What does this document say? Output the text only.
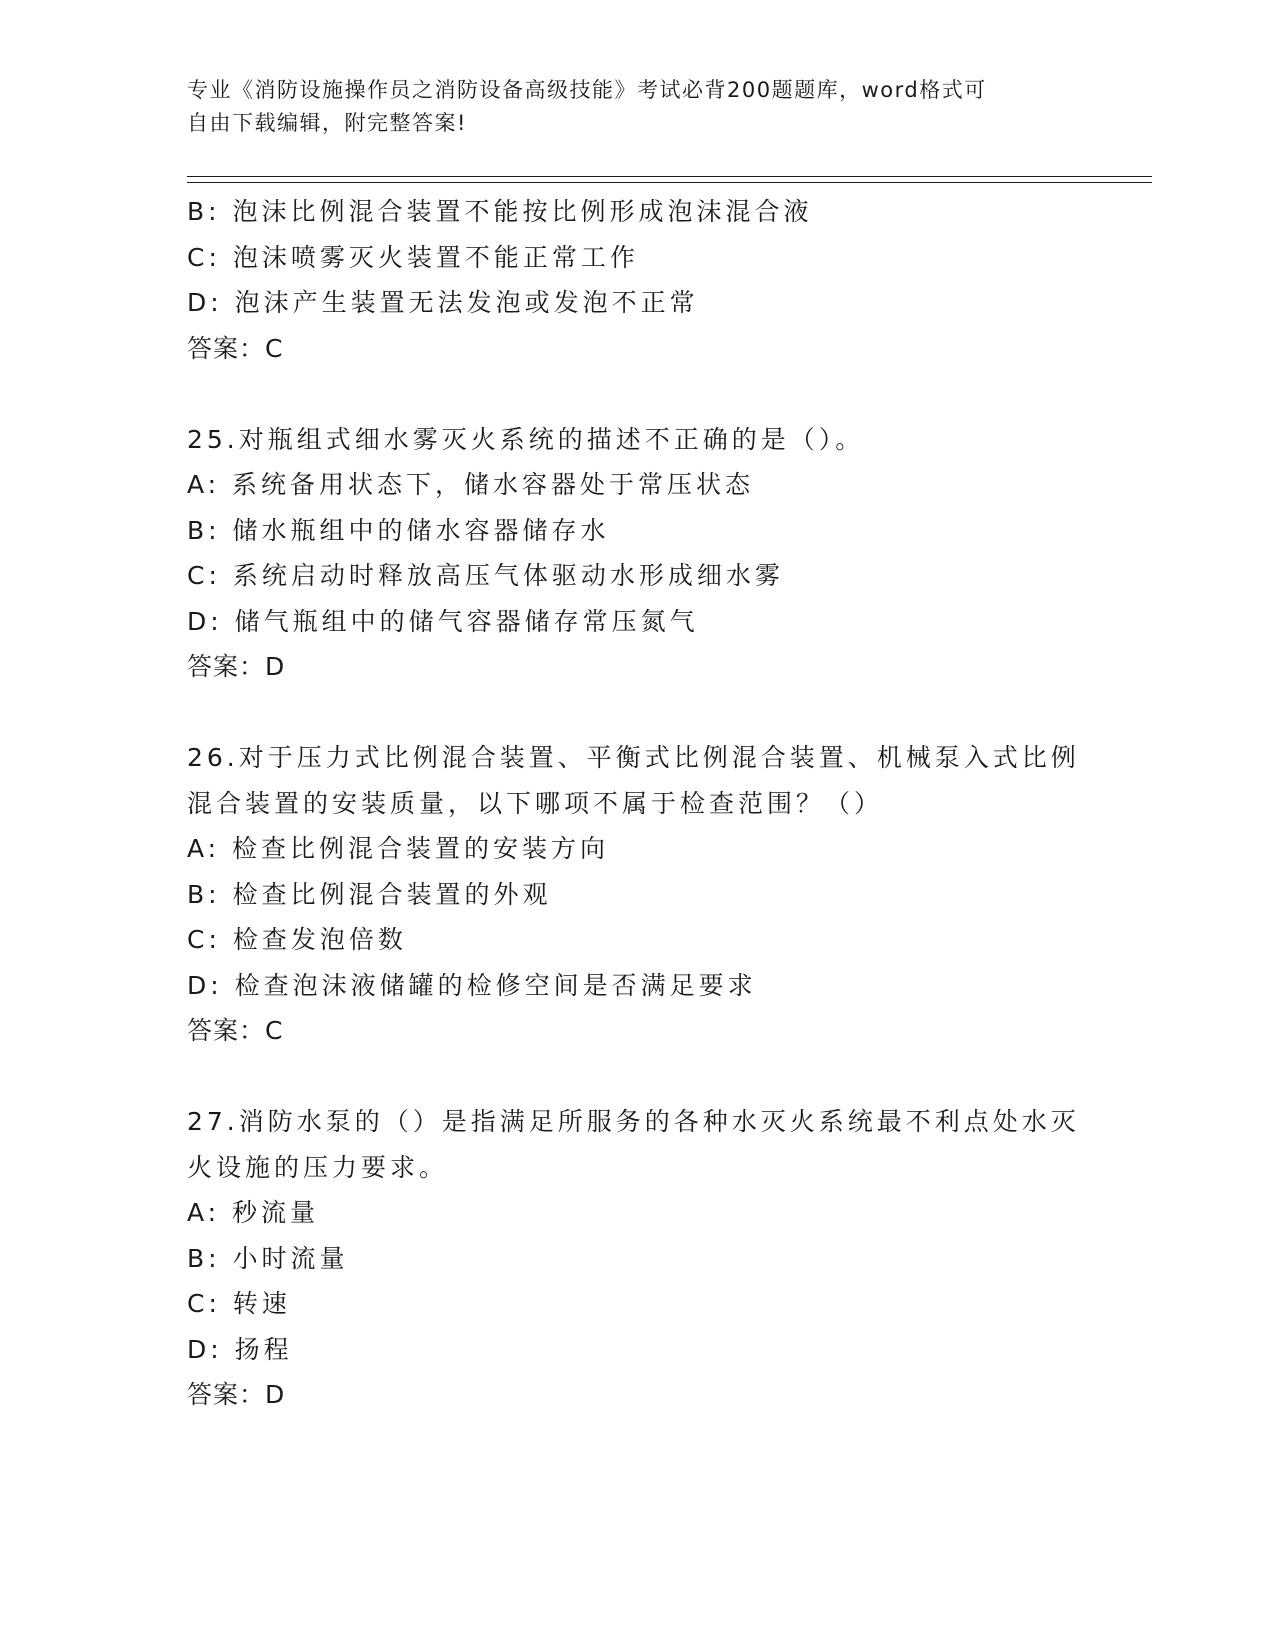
专业《消防设施操作员之消防设备高级技能》考试必背200题题库，word格式可
自由下载编辑，附完整答案!
B: 泡沫比例混合装置不能按比例形成泡沫混合液
C: 泡沫喷雾灭火装置不能正常工作
D: 泡沫产生装置无法发泡或发泡不正常
答案：C
25.对瓶组式细水雾灭火系统的描述不正确的是（）。
A: 系统备用状态下，储水容器处于常压状态
B: 储水瓶组中的储水容器储存水
C: 系统启动时释放高压气体驱动水形成细水雾
D: 储气瓶组中的储气容器储存常压氮气
答案：D
26.对于压力式比例混合装置、平衡式比例混合装置、机械泵入式比例
混合装置的安装质量，以下哪项不属于检查范围？（）
A: 检查比例混合装置的安装方向
B: 检查比例混合装置的外观
C: 检查发泡倍数
D: 检查泡沫液储罐的检修空间是否满足要求
答案：C
27.消防水泵的（）是指满足所服务的各种水灭火系统最不利点处水灭
火设施的压力要求。
A: 秒流量
B: 小时流量
C: 转速
D: 扬程
答案：D
